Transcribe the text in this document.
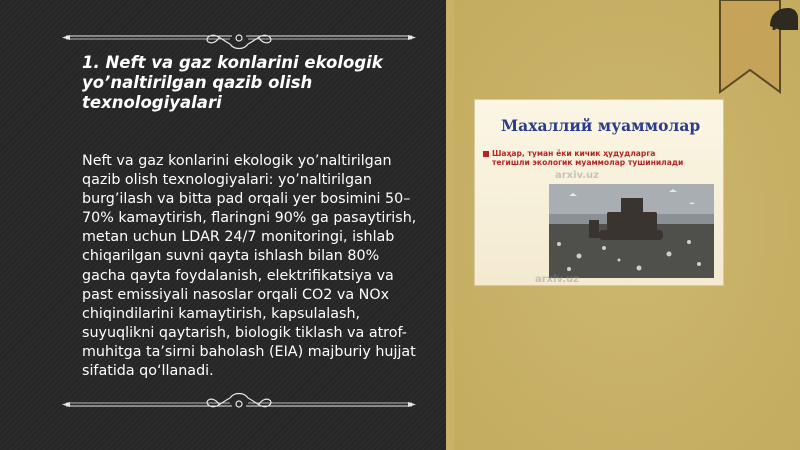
1. Neft va gaz konlarini ekologik yo’naltirilgan qazib olish texnologiyalari

Neft va gaz konlarini ekologik yo’naltirilgan qazib olish texnologiyalari: yo’naltirilgan burg’ilash va bitta pad orqali yer bosimini 50–70% kamaytirish, flaringni 90% ga pasaytirish, metan uchun LDAR 24/7 monitoringi, ishlab chiqarilgan suvni qayta ishlash bilan 80% gacha qayta foydalanish, elektrifikatsiya va past emissiyali nasoslar orqali CO2 va NOx chiqindilarini kamaytirish, kapsulalash, suyuqlikni qaytarish, biologik tiklash va atrof-muhitga ta’sirni baholash (EIA) majburiy hujjat sifatida qo‘llanadi.

Махаллий муаммолар

Шаҳар, туман ёки кичик ҳудудларга тегишли экологик муаммолар тушинилади

arxiv.uz
arxiv.uz
